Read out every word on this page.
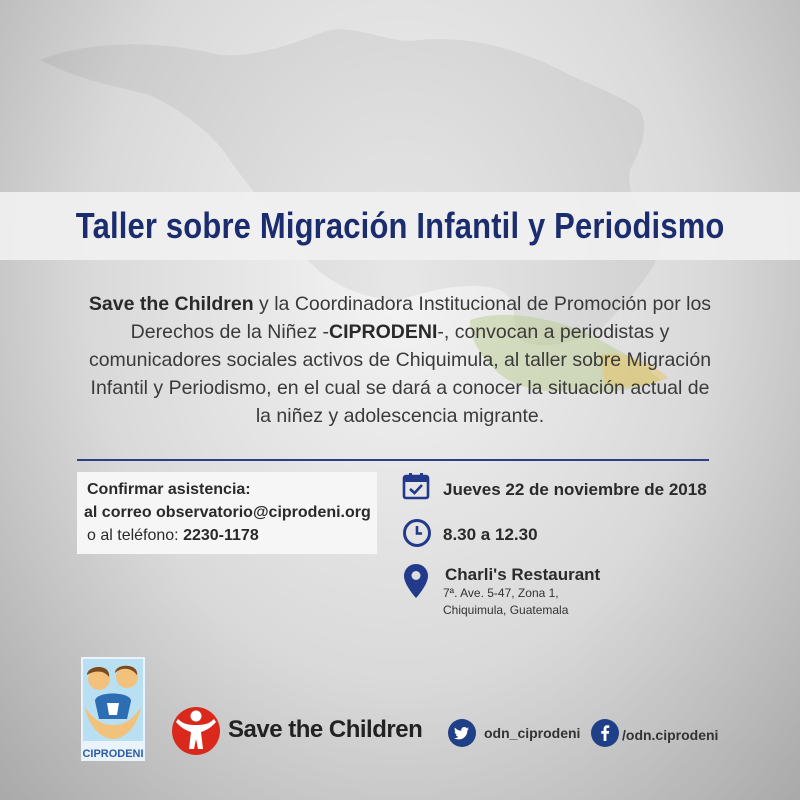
Taller sobre Migración Infantil y Periodismo

Save the Children y la Coordinadora Institucional de Promoción por los Derechos de la Niñez -CIPRODENI-, convocan a periodistas y comunicadores sociales activos de Chiquimula, al taller sobre Migración Infantil y Periodismo, en el cual se dará a conocer la situación actual de la niñez y adolescencia migrante.

Confirmar asistencia:
al correo observatorio@ciprodeni.org
o al teléfono: 2230-1178
Jueves 22 de noviembre de 2018
8.30 a 12.30
Charli's Restaurant
7ª. Ave. 5-47, Zona 1,
Chiquimula, Guatemala
CIPRODENI
Save the Children	odn_ciprodeni	/odn.ciprodeni
